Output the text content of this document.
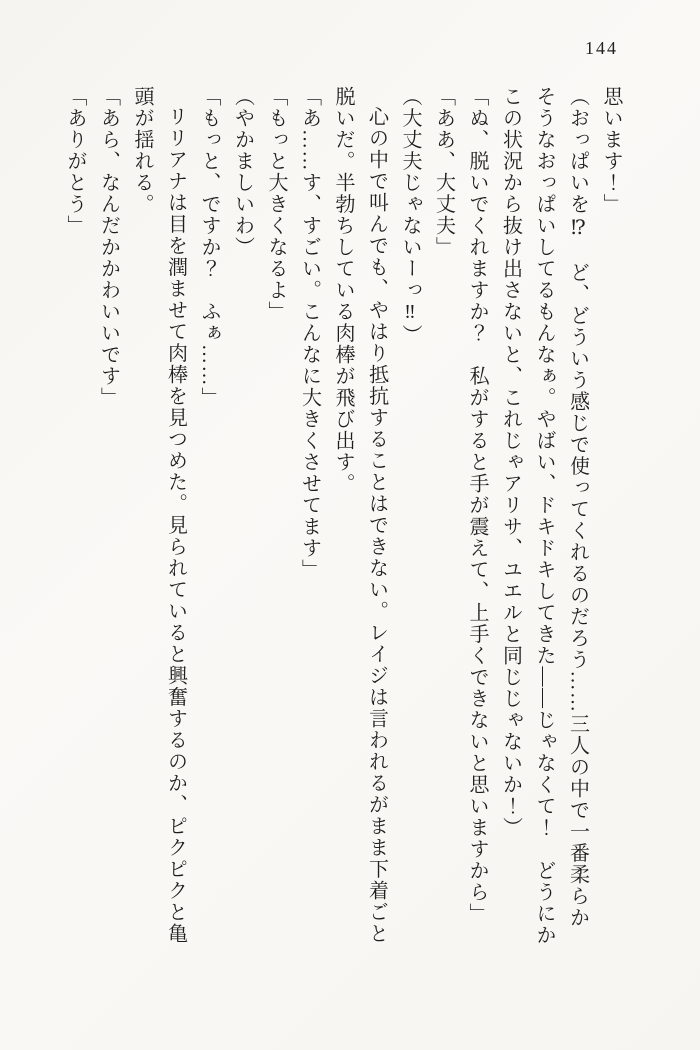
144

思います！」

（おっぱいを⁉　ど、どういう感じで使ってくれるのだろう……三人の中で一番柔らか

そうなおっぱいしてるもんなぁ。やばい、ドキドキしてきた――じゃなくて！　どうにか

この状況から抜け出さないと、これじゃアリサ、ユエルと同じじゃないか！）

「ぬ、脱いでくれますか？　私がすると手が震えて、上手くできないと思いますから」

「ああ、大丈夫」

（大丈夫じゃないーっ‼）

心の中で叫んでも、やはり抵抗することはできない。レイジは言われるがまま下着ごと

脱いだ。半勃ちしている肉棒が飛び出す。

「あ……す、すごい。こんなに大きくさせてます」

「もっと大きくなるよ」

（やかましいわ）

「もっと、ですか？　ふぁ……」

リリアナは目を潤ませて肉棒を見つめた。見られていると興奮するのか、ピクピクと亀

頭が揺れる。

「あら、なんだかかわいいです」

「ありがとう」
